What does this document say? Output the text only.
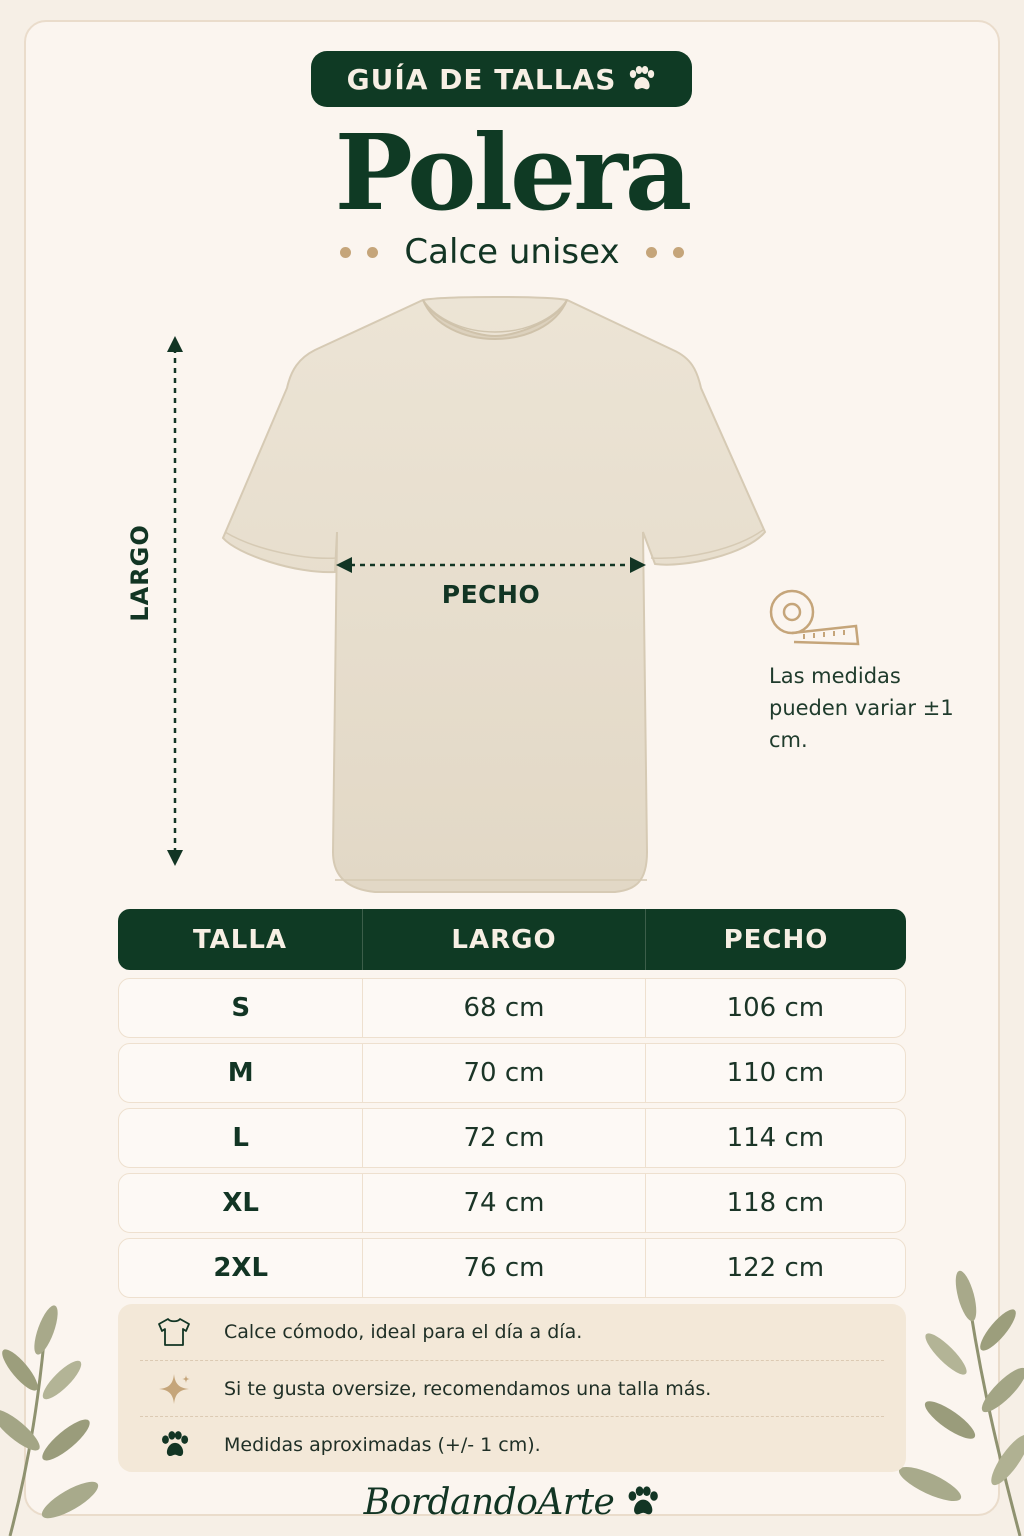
GUÍA DE TALLAS
Polera
Calce unisex
LARGO	PECHO
Las medidas pueden variar ±1 cm.
TALLA	LARGO	PECHO
S	68 cm	106 cm
M	70 cm	110 cm
L	72 cm	114 cm
XL	74 cm	118 cm
2XL	76 cm	122 cm
Calce cómodo, ideal para el día a día.
Si te gusta oversize, recomendamos una talla más.
Medidas aproximadas (+/- 1 cm).
BordandoArte
